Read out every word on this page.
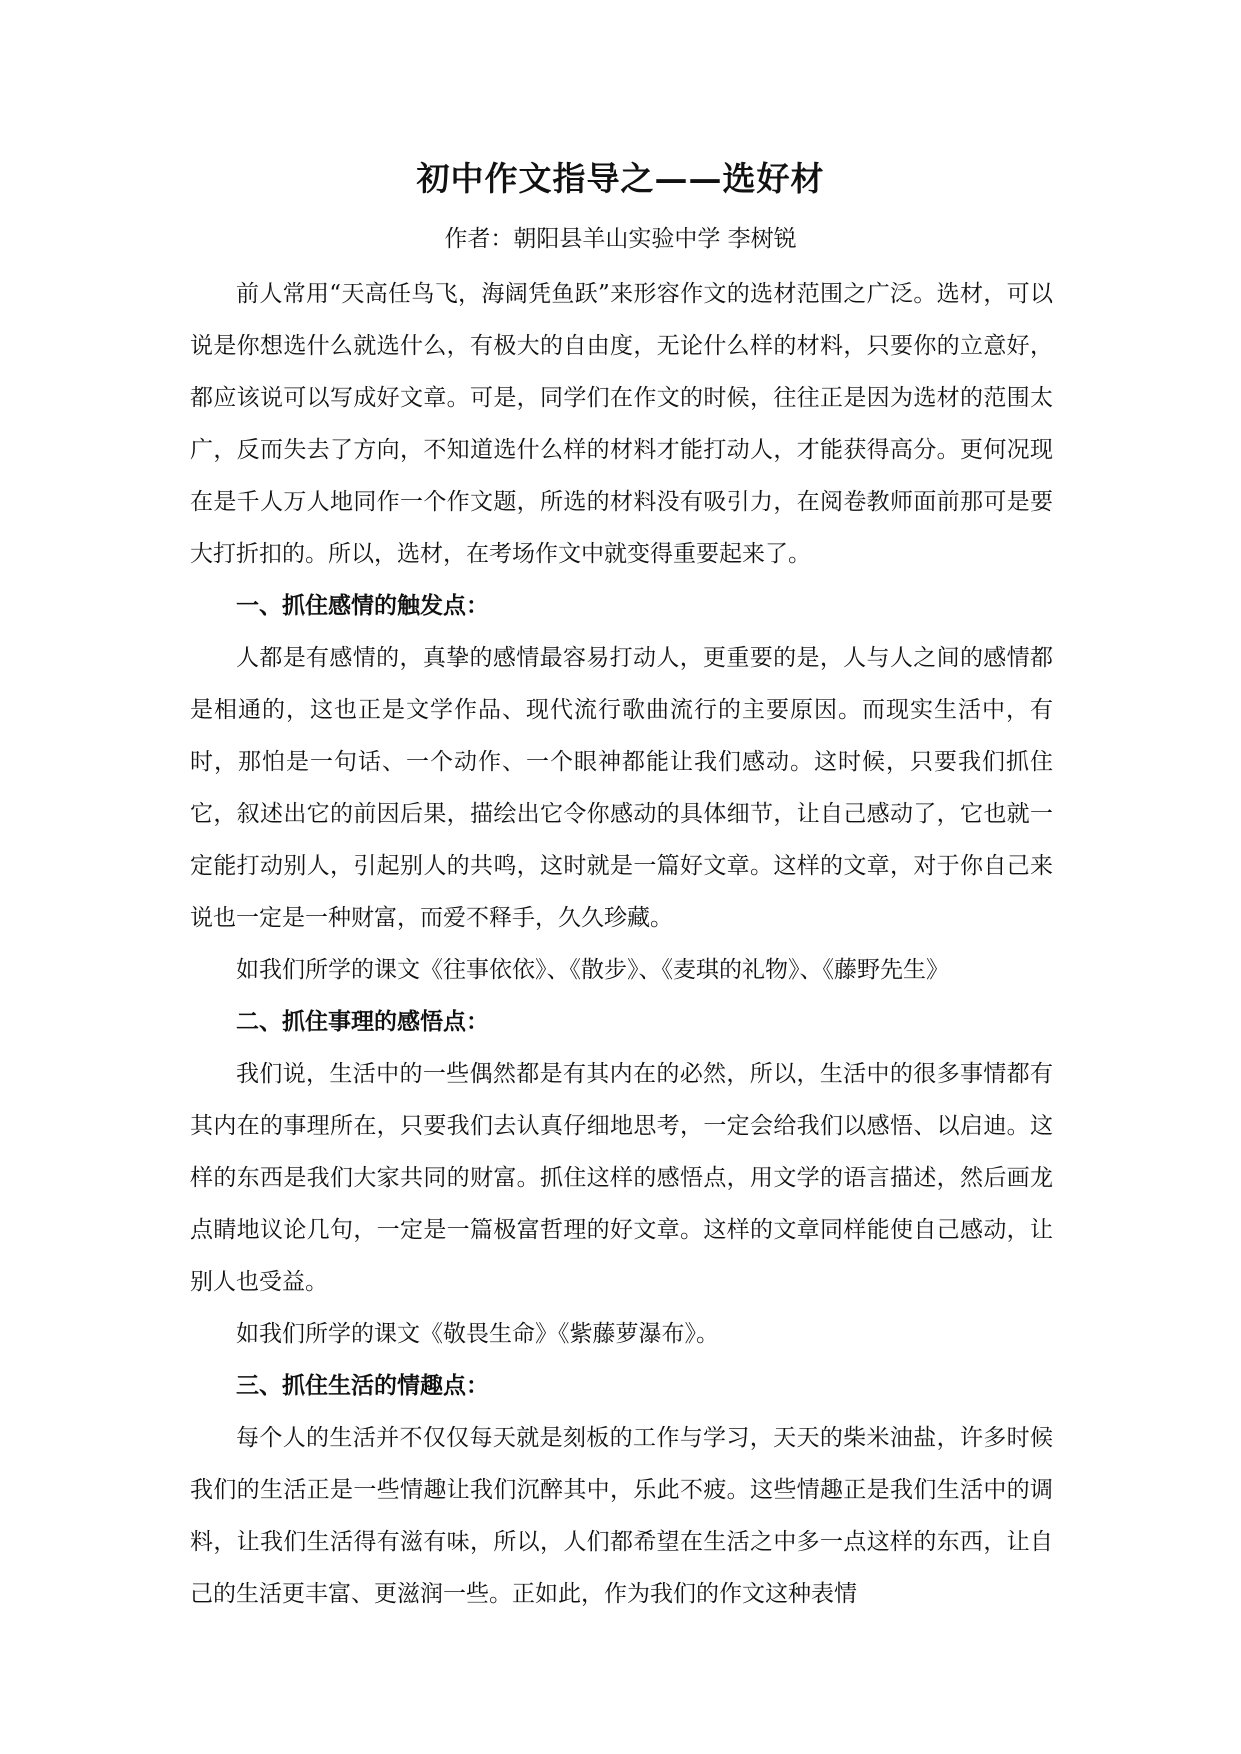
初中作文指导之——选好材
作者：朝阳县羊山实验中学 李树锐

前人常用“天高任鸟飞，海阔凭鱼跃”来形容作文的选材范围之广泛。选材，可以说是你想选什么就选什么，有极大的自由度，无论什么样的材料，只要你的立意好，都应该说可以写成好文章。可是，同学们在作文的时候，往往正是因为选材的范围太广，反而失去了方向，不知道选什么样的材料才能打动人，才能获得高分。更何况现在是千人万人地同作一个作文题，所选的材料没有吸引力，在阅卷教师面前那可是要大打折扣的。所以，选材，在考场作文中就变得重要起来了。

一、抓住感情的触发点：

人都是有感情的，真挚的感情最容易打动人，更重要的是，人与人之间的感情都是相通的，这也正是文学作品、现代流行歌曲流行的主要原因。而现实生活中，有时，那怕是一句话、一个动作、一个眼神都能让我们感动。这时候，只要我们抓住它，叙述出它的前因后果，描绘出它令你感动的具体细节，让自己感动了，它也就一定能打动别人，引起别人的共鸣，这时就是一篇好文章。这样的文章，对于你自己来说也一定是一种财富，而爱不释手，久久珍藏。

如我们所学的课文《往事依依》、《散步》、《麦琪的礼物》、《藤野先生》

二、抓住事理的感悟点：

我们说，生活中的一些偶然都是有其内在的必然，所以，生活中的很多事情都有其内在的事理所在，只要我们去认真仔细地思考，一定会给我们以感悟、以启迪。这样的东西是我们大家共同的财富。抓住这样的感悟点，用文学的语言描述，然后画龙点睛地议论几句，一定是一篇极富哲理的好文章。这样的文章同样能使自己感动，让别人也受益。

如我们所学的课文《敬畏生命》《紫藤萝瀑布》。

三、抓住生活的情趣点：

每个人的生活并不仅仅每天就是刻板的工作与学习，天天的柴米油盐，许多时候我们的生活正是一些情趣让我们沉醉其中，乐此不疲。这些情趣正是我们生活中的调料，让我们生活得有滋有味，所以，人们都希望在生活之中多一点这样的东西，让自己的生活更丰富、更滋润一些。正如此，作为我们的作文这种表情
